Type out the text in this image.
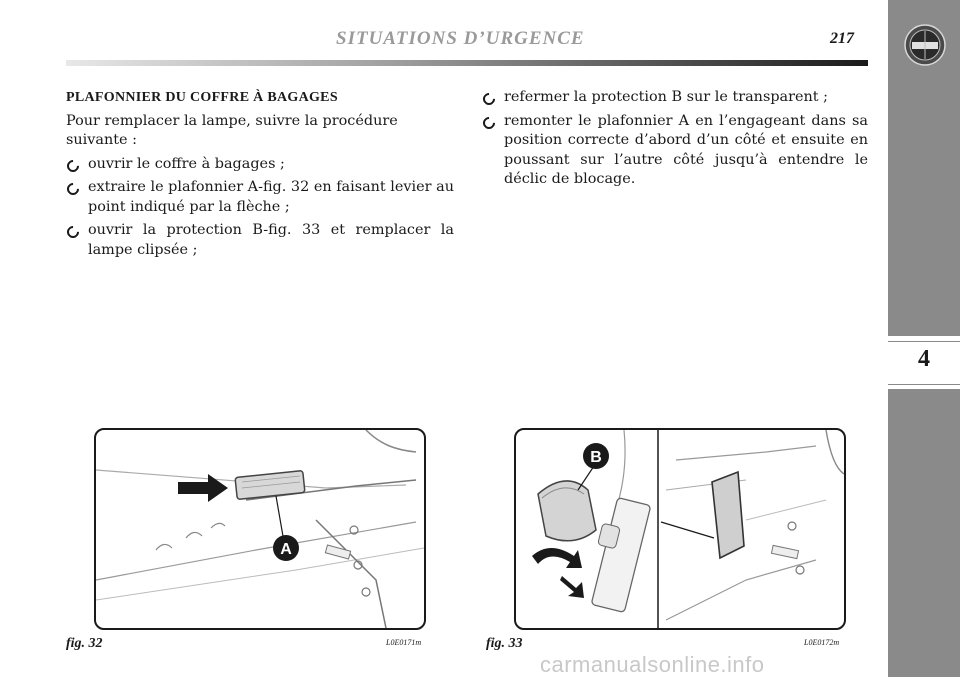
SITUATIONS D’URGENCE	217
4
PLAFONNIER DU COFFRE À BAGAGES
Pour remplacer la lampe, suivre la procédure suivante :
ouvrir le coffre à bagages ;
extraire le plafonnier A-fig. 32 en faisant levier au point indiqué par la flèche ;
ouvrir la protection B-fig. 33 et remplacer la lampe clipsée ;
refermer la protection B sur le transparent ;
remonter le plafonnier A en l’engageant dans sa position correcte d’abord d’un côté et ensuite en poussant sur l’autre côté jusqu’à entendre le déclic de blocage.
A
fig. 32	L0E0171m
B
fig. 33	L0E0172m
carmanualsonline.info
